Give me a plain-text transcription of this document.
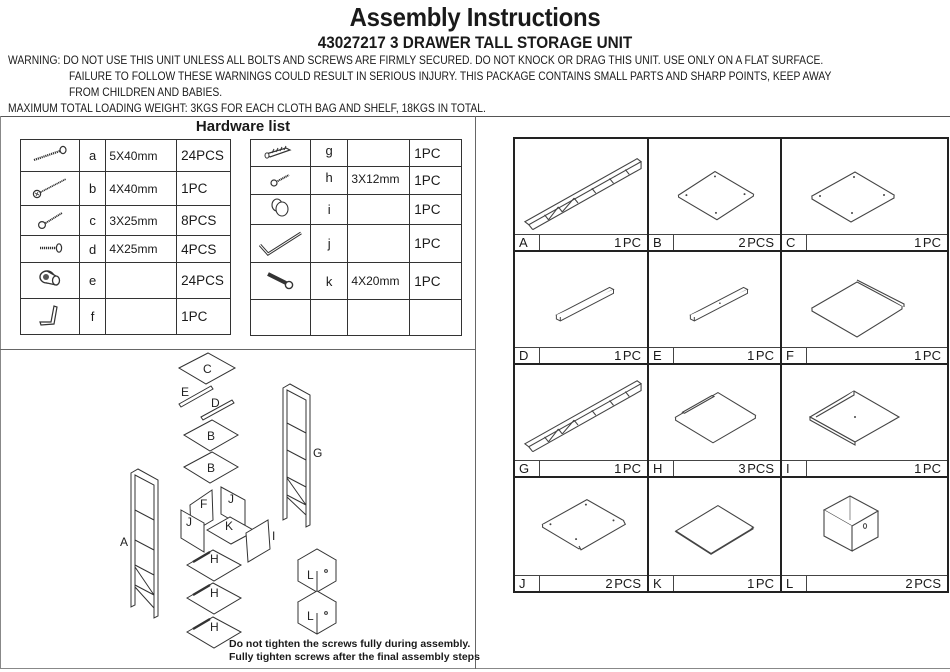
Assembly Instructions
43027217 3 DRAWER TALL STORAGE UNIT
WARNING: DO NOT USE THIS UNIT UNLESS ALL BOLTS AND SCREWS ARE FIRMLY SECURED. DO NOT KNOCK OR DRAG THIS UNIT. USE ONLY ON A FLAT SURFACE.
FAILURE TO FOLLOW THESE WARNINGS COULD RESULT IN SERIOUS INJURY. THIS PACKAGE CONTAINS SMALL PARTS AND SHARP POINTS, KEEP AWAY
FROM CHILDREN AND BABIES.
MAXIMUM TOTAL LOADING WEIGHT: 3KGS FOR EACH CLOTH BAG AND SHELF, 18KGS IN TOTAL.
Hardware list
	a	5X40mm	24PCS
	b	4X40mm	1PC
	c	3X25mm	8PCS
	d	4X25mm	4PCS
	e		24PCS
	f		1PC
	g		1PC
	h	3X12mm	1PC
	i		1PC
	j		1PC
	k	4X20mm	1PC

A	1 PC B	2 PCS C	1 PC
D	1 PC E	1 PC F	1 PC
G	1 PC H	3 PCS I	1 PC
J	2 PCS K	1 PC L	2 PCS
C
E
D
B
B
G
A
F J
J	K
I
H
H
H
L
L
Do not tighten the screws fully during assembly.
Fully tighten screws after the final assembly steps
